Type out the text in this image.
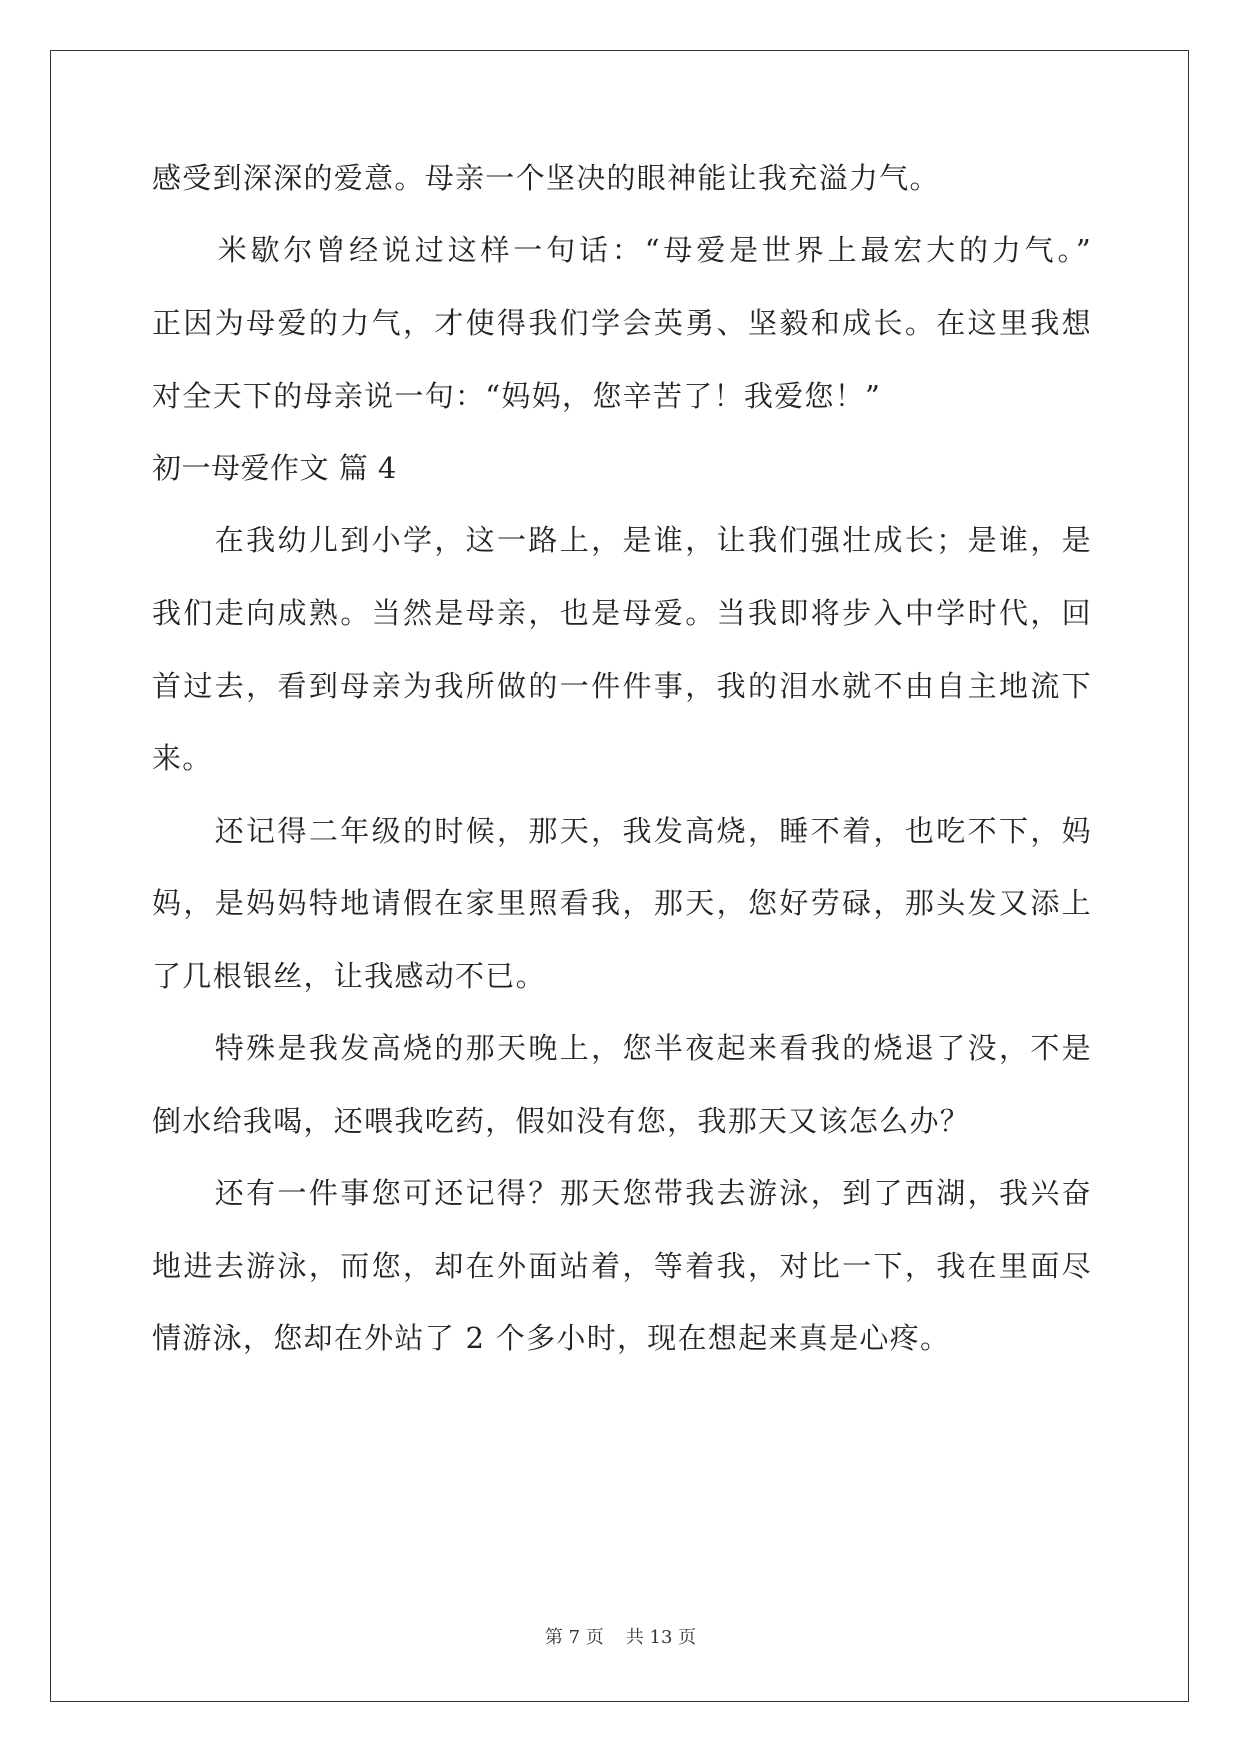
感受到深深的爱意。母亲一个坚决的眼神能让我充溢力气。
　　米歇尔曾经说过这样一句话：“母爱是世界上最宏大的力气。”
正因为母爱的力气，才使得我们学会英勇、坚毅和成长。在这里我想
对全天下的母亲说一句：“妈妈，您辛苦了！我爱您！”
初一母爱作文 篇 4
　　在我幼儿到小学，这一路上，是谁，让我们强壮成长；是谁，是
我们走向成熟。当然是母亲，也是母爱。当我即将步入中学时代，回
首过去，看到母亲为我所做的一件件事，我的泪水就不由自主地流下
来。
　　还记得二年级的时候，那天，我发高烧，睡不着，也吃不下，妈
妈，是妈妈特地请假在家里照看我，那天，您好劳碌，那头发又添上
了几根银丝，让我感动不已。
　　特殊是我发高烧的那天晚上，您半夜起来看我的烧退了没，不是
倒水给我喝，还喂我吃药，假如没有您，我那天又该怎么办？
　　还有一件事您可还记得？那天您带我去游泳，到了西湖，我兴奋
地进去游泳，而您，却在外面站着，等着我，对比一下，我在里面尽
情游泳，您却在外站了 2 个多小时，现在想起来真是心疼。
第 7 页 共 13 页
